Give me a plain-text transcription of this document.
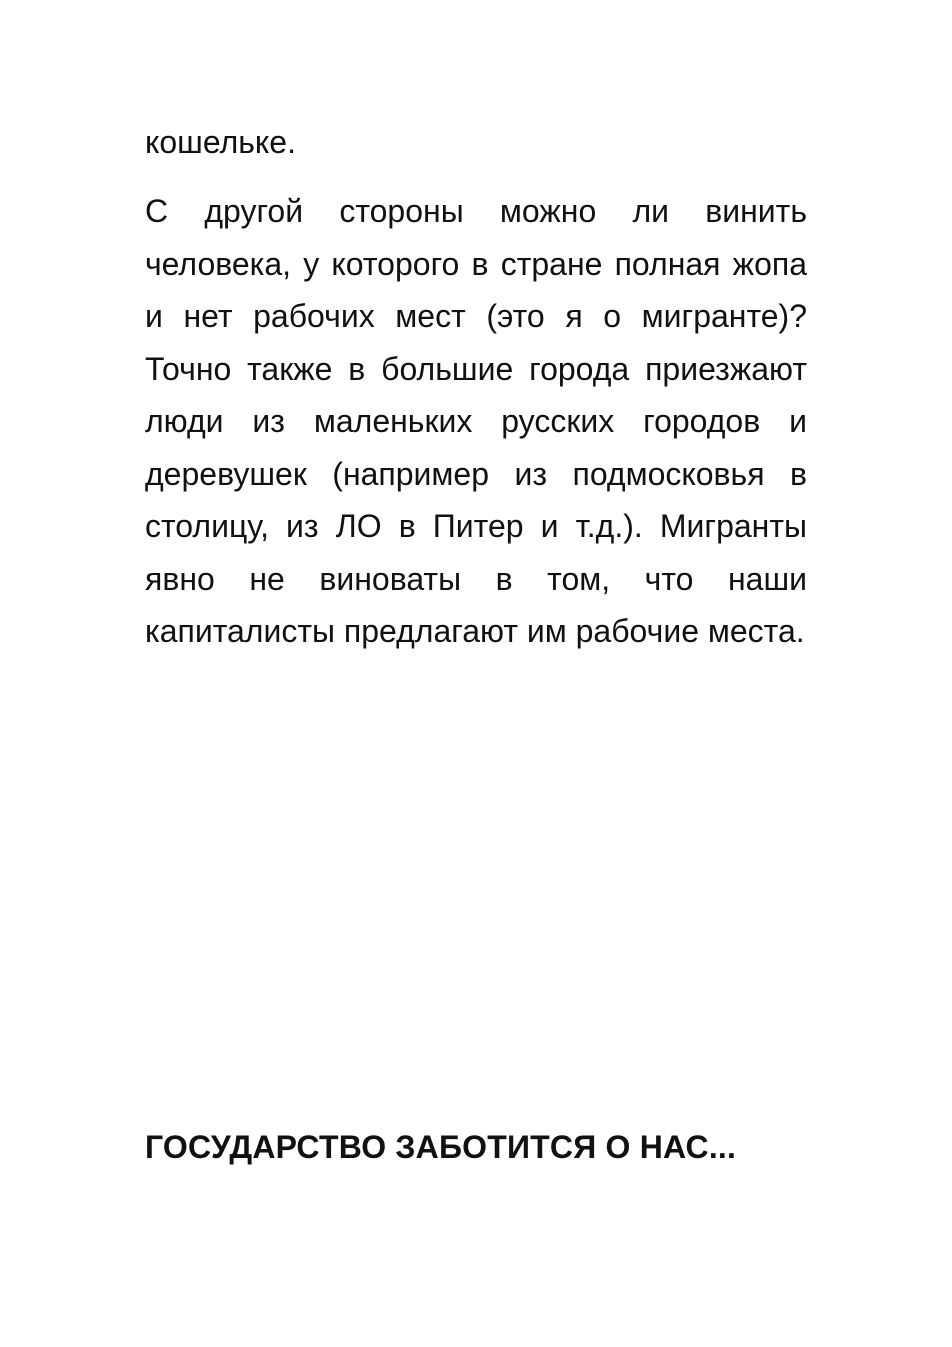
кошельке.

С другой стороны можно ли винить человека, у которого в стране полная жопа и нет рабочих мест (это я о мигранте)? Точно также в большие города приезжают люди из маленьких русских городов и деревушек (например из подмосковья в столицу, из ЛО в Питер и т.д.). Мигранты явно не виноваты в том, что наши капиталисты предлагают им рабочие места.

ГОСУДАРСТВО ЗАБОТИТСЯ О НАС...
